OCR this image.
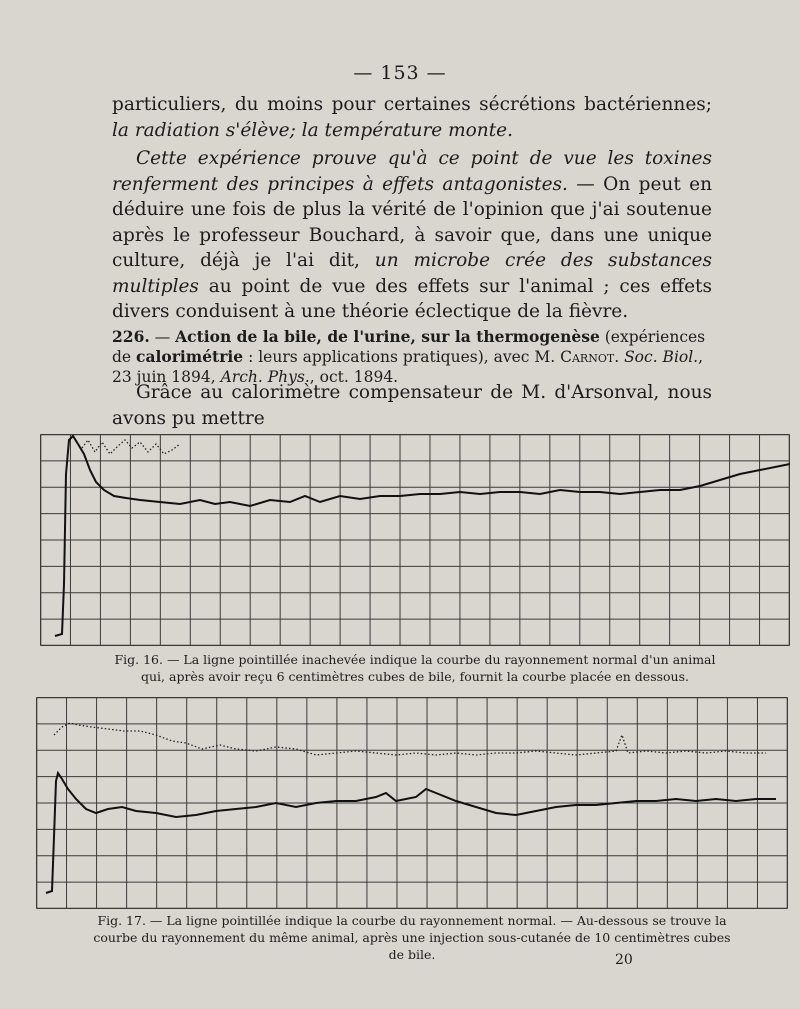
— 153 —
particuliers, du moins pour certaines sécrétions bactériennes; la radiation s'élève; la température monte.
Cette expérience prouve qu'à ce point de vue les toxines renferment des principes à effets antagonistes. — On peut en déduire une fois de plus la vérité de l'opinion que j'ai soutenue après le professeur Bouchard, à savoir que, dans une unique culture, déjà je l'ai dit, un microbe crée des substances multiples au point de vue des effets sur l'animal ; ces effets divers conduisent à une théorie éclectique de la fièvre.
226. — Action de la bile, de l'urine, sur la thermogenèse (expériences de calorimétrie : leurs applications pratiques), avec M. Carnot. Soc. Biol., 23 juin 1894, Arch. Phys., oct. 1894.
Grâce au calorimètre compensateur de M. d'Arsonval, nous avons pu mettre
Fig. 16. — La ligne pointillée inachevée indique la courbe du rayonnement normal d'un animal qui, après avoir reçu 6 centimètres cubes de bile, fournit la courbe placée en dessous.
Fig. 17. — La ligne pointillée indique la courbe du rayonnement normal. — Au-dessous se trouve la courbe du rayonnement du même animal, après une injection sous-cutanée de 10 centimètres cubes de bile.	20
